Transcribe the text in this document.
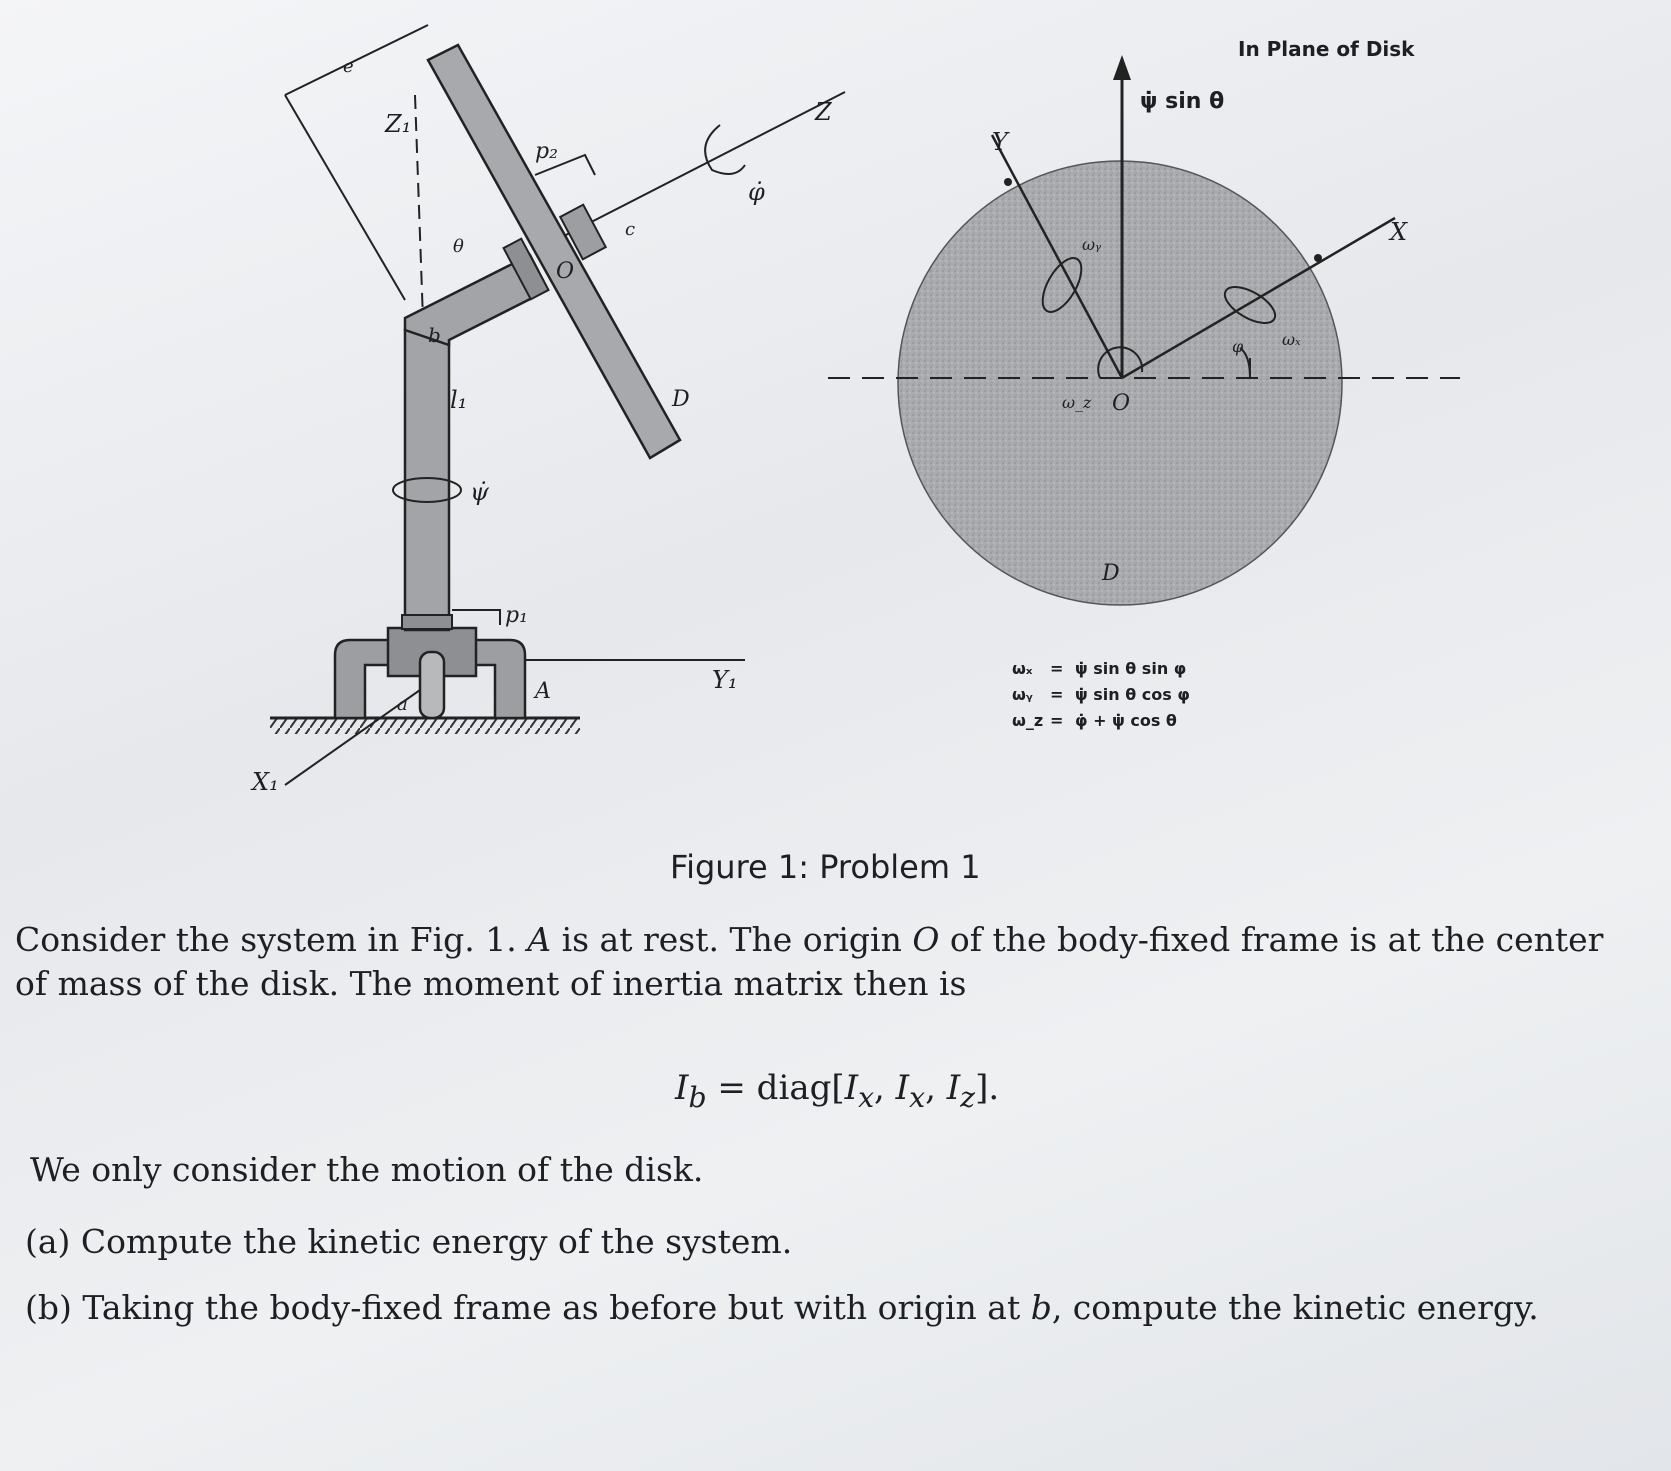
Z₁
e
p₂
Z
φ̇
c
θ
O
b
l₁	D
ψ̇
p₁
a
A	Y₁
X₁
In Plane of Disk
ψ̇ sin θ
Y
X
ωᵧ
ωₓ
ω_z
φ
O
D
ωₓ = ψ̇ sin θ sin φ
ωᵧ = ψ̇ sin θ cos φ
ω_z = φ̇ + ψ̇ cos θ
Figure 1: Problem 1
Consider the system in Fig. 1. A is at rest. The origin O of the body-fixed frame is at the center
of mass of the disk. The moment of inertia matrix then is
$I_b$ = $diag[I_x$, $I_x$, $I_z$].
We only consider the motion of the disk.
(a) Compute the kinetic energy of the system.
(b) Taking the body-fixed frame as before but with origin at b, compute the kinetic energy.
